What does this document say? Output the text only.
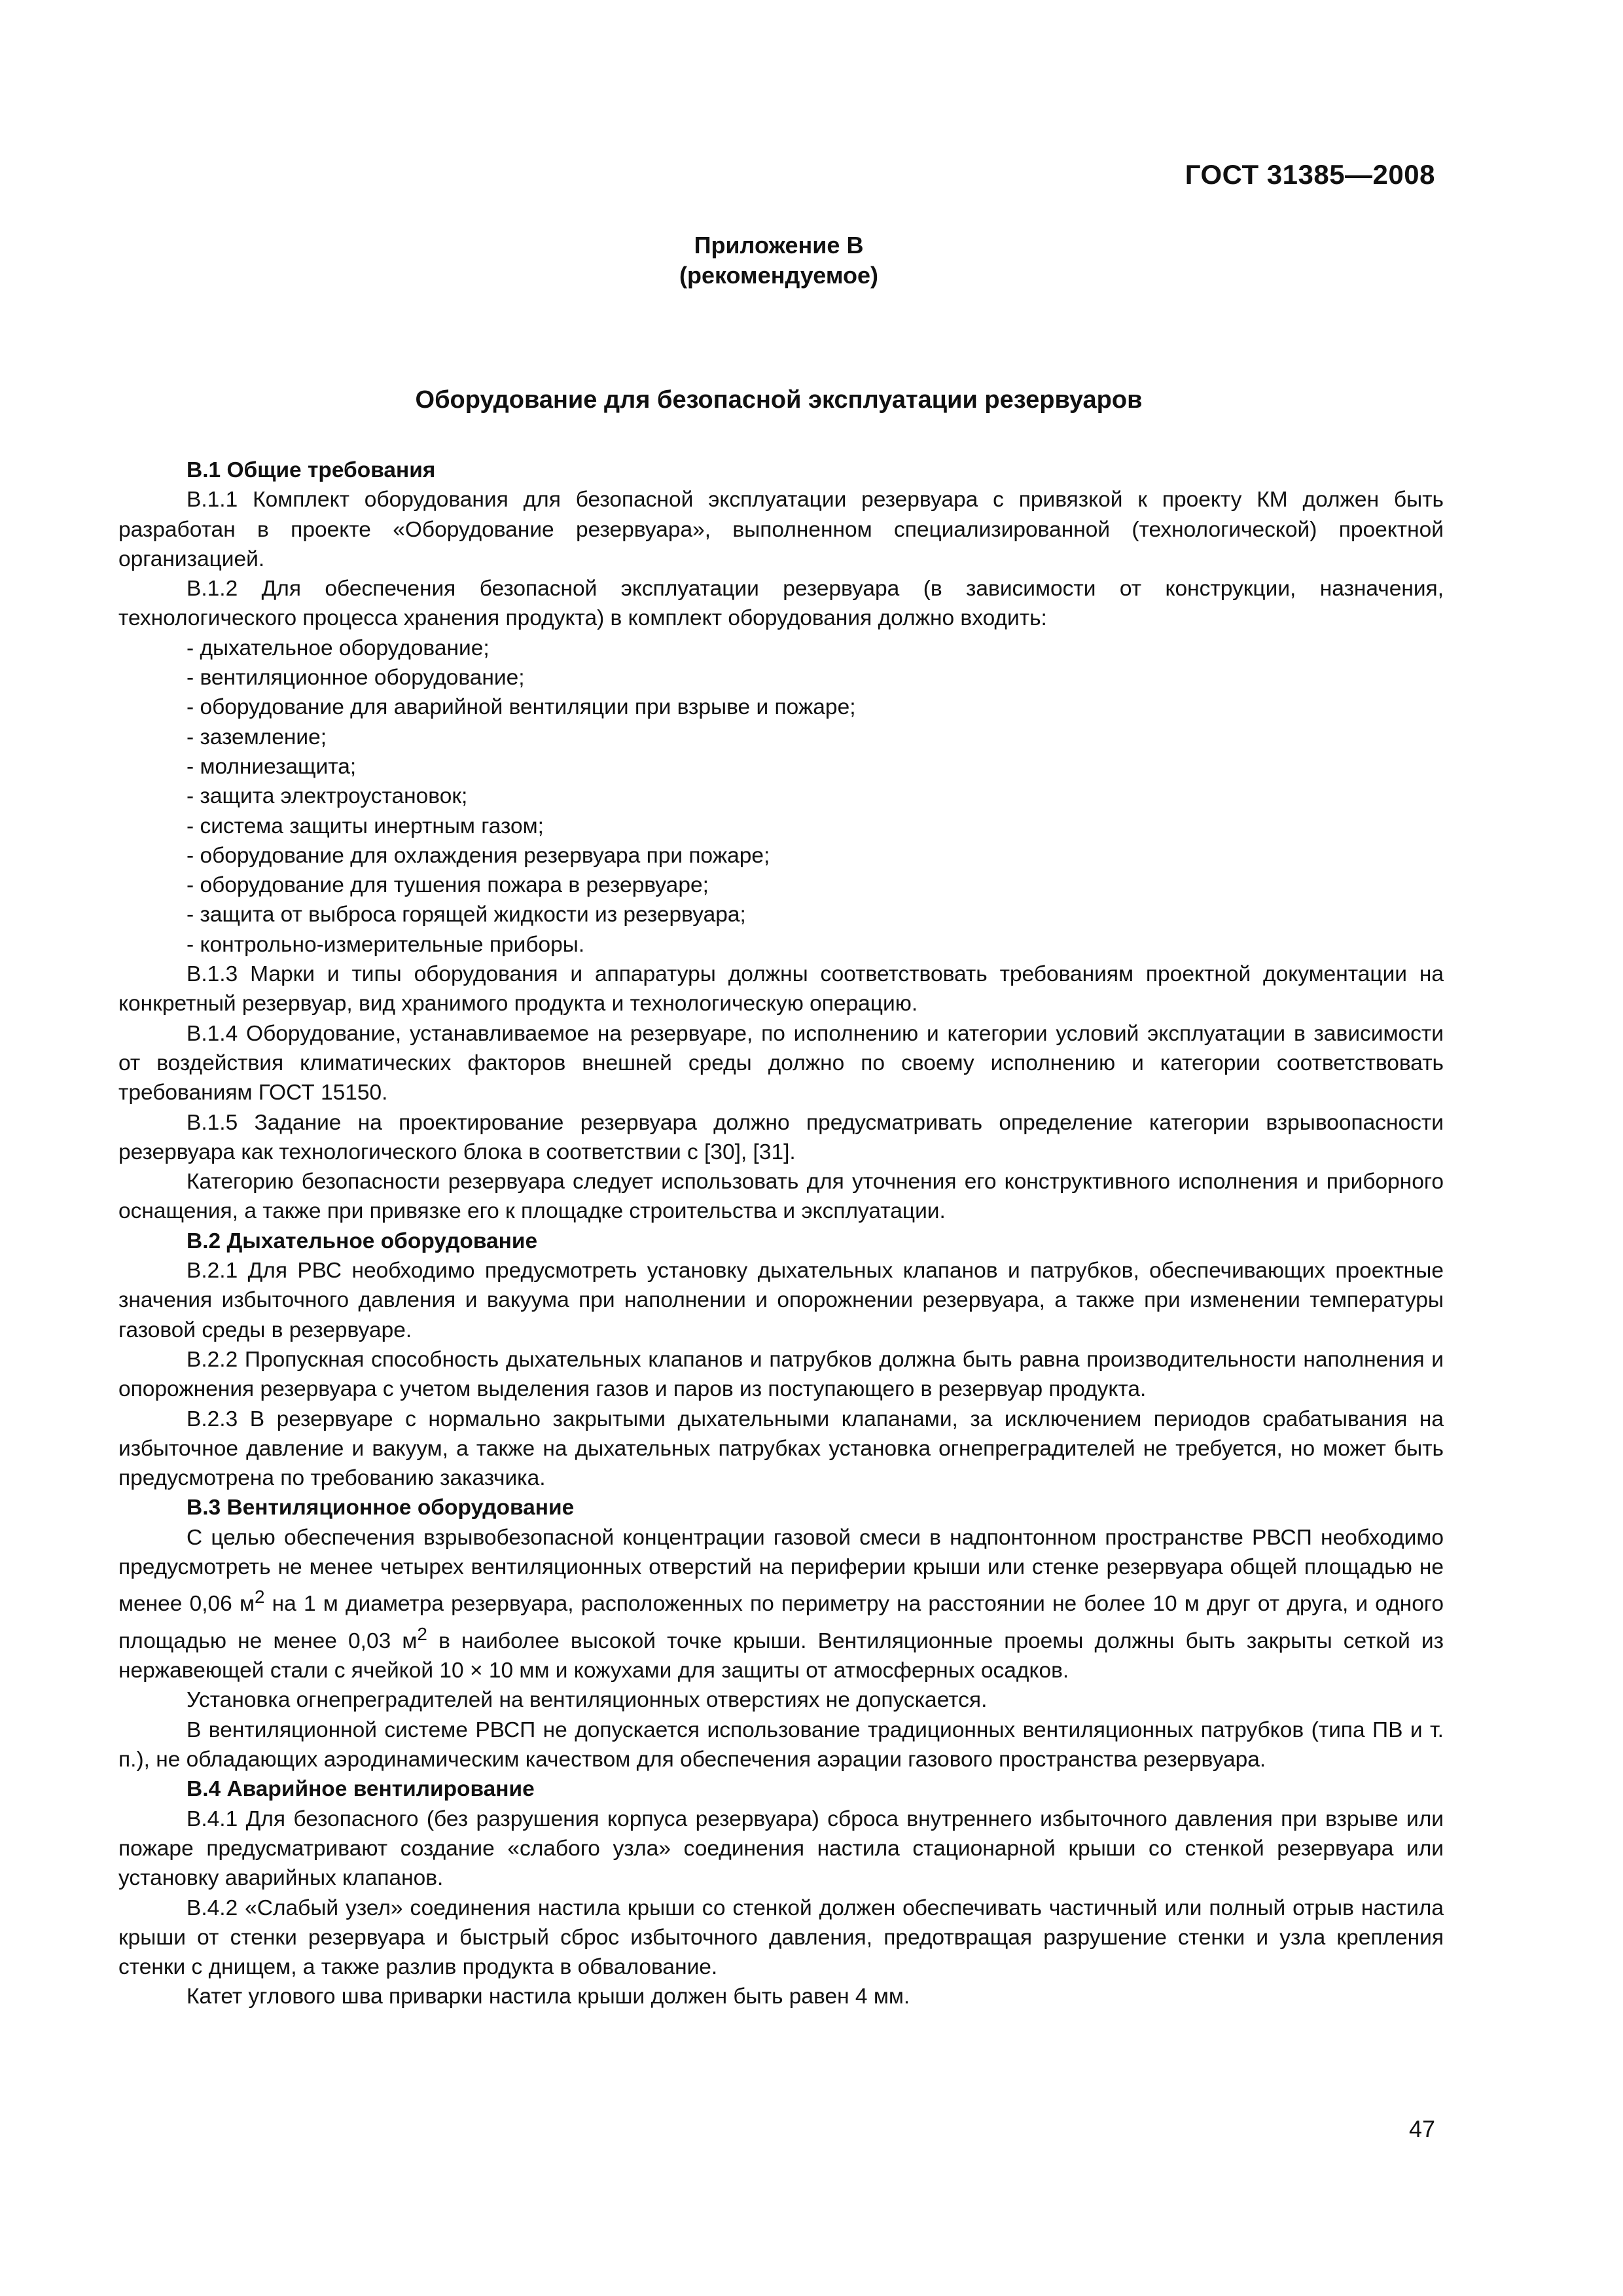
ГОСТ 31385—2008
Приложение В
(рекомендуемое)
Оборудование для безопасной эксплуатации резервуаров

В.1 Общие требования

В.1.1 Комплект оборудования для безопасной эксплуатации резервуара с привязкой к проекту КМ должен быть разработан в проекте «Оборудование резервуара», выполненном специализированной (технологической) проектной организацией.

В.1.2 Для обеспечения безопасной эксплуатации резервуара (в зависимости от конструкции, назначения, технологического процесса хранения продукта) в комплект оборудования должно входить:

- дыхательное оборудование;

- вентиляционное оборудование;

- оборудование для аварийной вентиляции при взрыве и пожаре;

- заземление;

- молниезащита;

- защита электроустановок;

- система защиты инертным газом;

- оборудование для охлаждения резервуара при пожаре;

- оборудование для тушения пожара в резервуаре;

- защита от выброса горящей жидкости из резервуара;

- контрольно-измерительные приборы.

В.1.3 Марки и типы оборудования и аппаратуры должны соответствовать требованиям проектной документации на конкретный резервуар, вид хранимого продукта и технологическую операцию.

В.1.4 Оборудование, устанавливаемое на резервуаре, по исполнению и категории условий эксплуатации в зависимости от воздействия климатических факторов внешней среды должно по своему исполнению и категории соответствовать требованиям ГОСТ 15150.

В.1.5 Задание на проектирование резервуара должно предусматривать определение категории взрывоопасности резервуара как технологического блока в соответствии с [30], [31].

Категорию безопасности резервуара следует использовать для уточнения его конструктивного исполнения и приборного оснащения, а также при привязке его к площадке строительства и эксплуатации.

В.2 Дыхательное оборудование

В.2.1 Для РВС необходимо предусмотреть установку дыхательных клапанов и патрубков, обеспечивающих проектные значения избыточного давления и вакуума при наполнении и опорожнении резервуара, а также при изменении температуры газовой среды в резервуаре.

В.2.2 Пропускная способность дыхательных клапанов и патрубков должна быть равна производительности наполнения и опорожнения резервуара с учетом выделения газов и паров из поступающего в резервуар продукта.

В.2.3 В резервуаре с нормально закрытыми дыхательными клапанами, за исключением периодов срабатывания на избыточное давление и вакуум, а также на дыхательных патрубках установка огнепреградителей не требуется, но может быть предусмотрена по требованию заказчика.

В.3 Вентиляционное оборудование

С целью обеспечения взрывобезопасной концентрации газовой смеси в надпонтонном пространстве РВСП необходимо предусмотреть не менее четырех вентиляционных отверстий на периферии крыши или стенке резервуара общей площадью не менее 0,06 $м^2$ на 1 м диаметра резервуара, расположенных по периметру на расстоянии не более 10 м друг от друга, и одного площадью не менее 0,03 $м^2$ в наиболее высокой точке крыши. Вентиляционные проемы должны быть закрыты сеткой из нержавеющей стали с ячейкой 10 × 10 мм и кожухами для защиты от атмосферных осадков.

Установка огнепреградителей на вентиляционных отверстиях не допускается.

В вентиляционной системе РВСП не допускается использование традиционных вентиляционных патрубков (типа ПВ и т. п.), не обладающих аэродинамическим качеством для обеспечения аэрации газового пространства резервуара.

В.4 Аварийное вентилирование

В.4.1 Для безопасного (без разрушения корпуса резервуара) сброса внутреннего избыточного давления при взрыве или пожаре предусматривают создание «слабого узла» соединения настила стационарной крыши со стенкой резервуара или установку аварийных клапанов.

В.4.2 «Слабый узел» соединения настила крыши со стенкой должен обеспечивать частичный или полный отрыв настила крыши от стенки резервуара и быстрый сброс избыточного давления, предотвращая разрушение стенки и узла крепления стенки с днищем, а также разлив продукта в обвалование.

Катет углового шва приварки настила крыши должен быть равен 4 мм.

47
